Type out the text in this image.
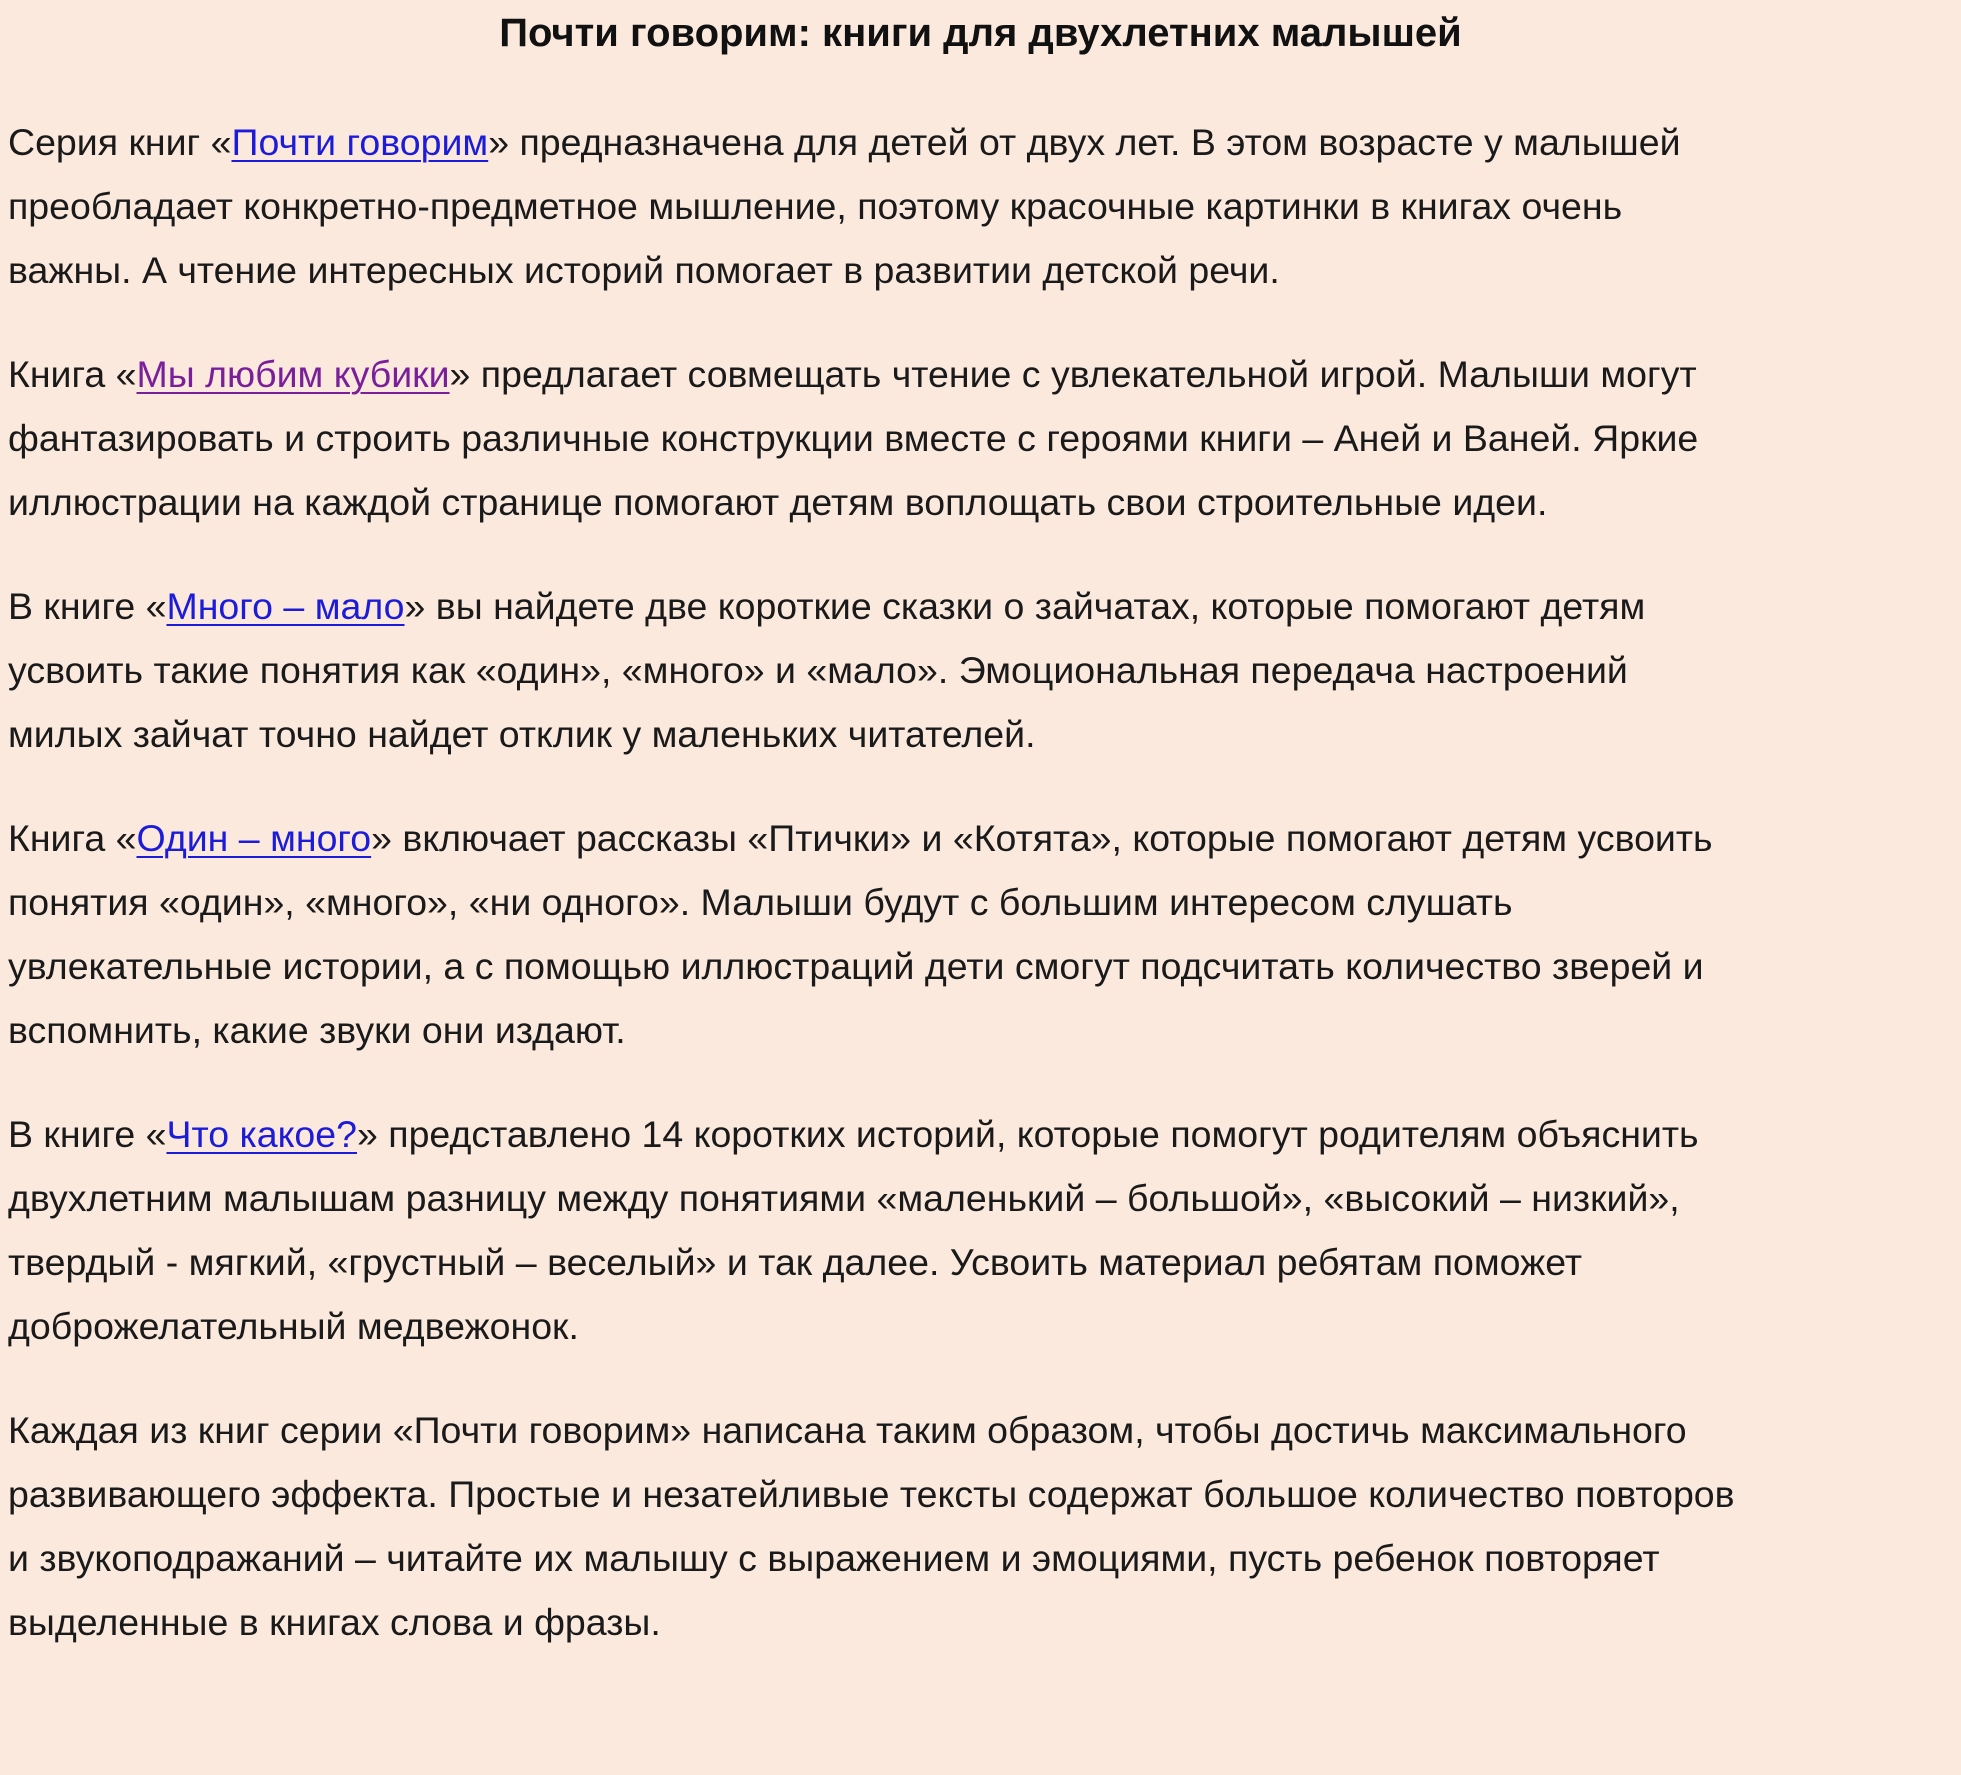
Почти говорим: книги для двухлетних малышей

Серия книг «Почти говорим» предназначена для детей от двух лет. В этом возрасте у малышей
преобладает конкретно-предметное мышление, поэтому красочные картинки в книгах очень
важны. А чтение интересных историй помогает в развитии детской речи.

Книга «Мы любим кубики» предлагает совмещать чтение с увлекательной игрой. Малыши могут
фантазировать и строить различные конструкции вместе с героями книги – Аней и Ваней. Яркие
иллюстрации на каждой странице помогают детям воплощать свои строительные идеи.

В книге «Много – мало» вы найдете две короткие сказки о зайчатах, которые помогают детям
усвоить такие понятия как «один», «много» и «мало». Эмоциональная передача настроений
милых зайчат точно найдет отклик у маленьких читателей.

Книга «Один – много» включает рассказы «Птички» и «Котята», которые помогают детям усвоить
понятия «один», «много», «ни одного». Малыши будут с большим интересом слушать
увлекательные истории, а с помощью иллюстраций дети смогут подсчитать количество зверей и
вспомнить, какие звуки они издают.

В книге «Что какое?» представлено 14 коротких историй, которые помогут родителям объяснить
двухлетним малышам разницу между понятиями «маленький – большой», «высокий – низкий»,
твердый - мягкий, «грустный – веселый» и так далее. Усвоить материал ребятам поможет
доброжелательный медвежонок.

Каждая из книг серии «Почти говорим» написана таким образом, чтобы достичь максимального
развивающего эффекта. Простые и незатейливые тексты содержат большое количество повторов
и звукоподражаний – читайте их малышу с выражением и эмоциями, пусть ребенок повторяет
выделенные в книгах слова и фразы.
